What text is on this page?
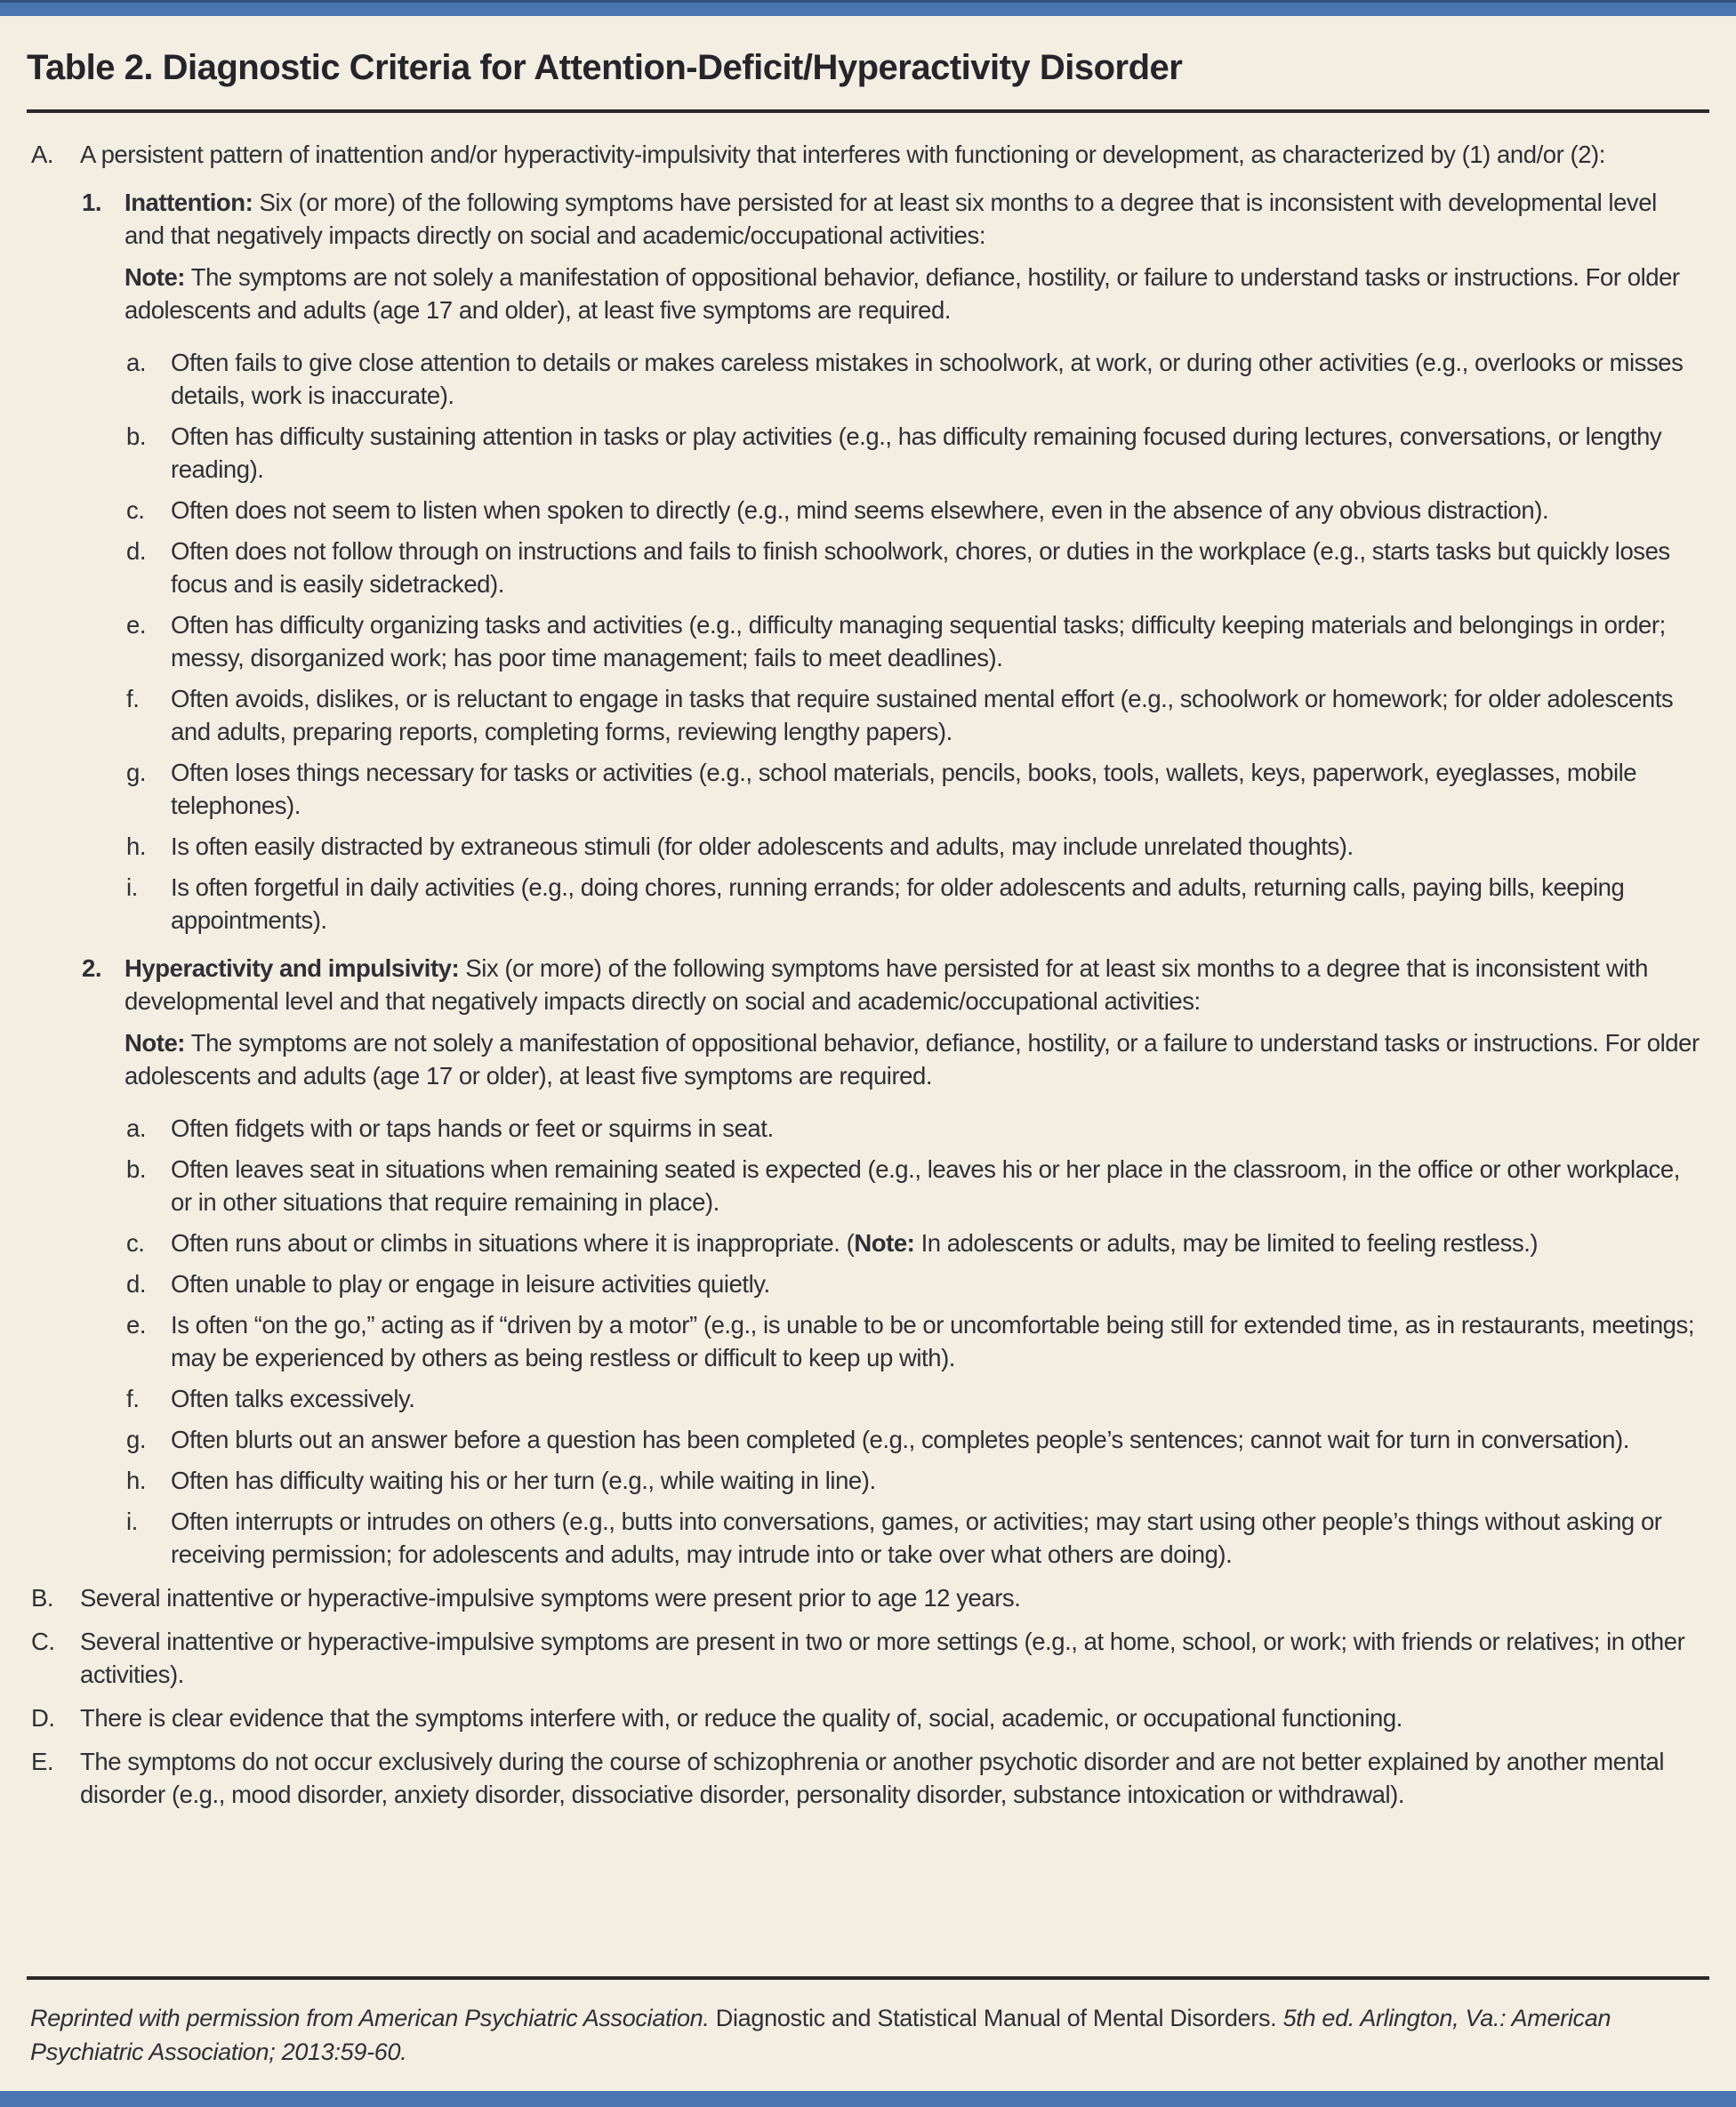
Table 2. Diagnostic Criteria for Attention-Deficit/Hyperactivity Disorder
A. A persistent pattern of inattention and/or hyperactivity-impulsivity that interferes with functioning or development, as characterized by (1) and/or (2):
1. Inattention: Six (or more) of the following symptoms have persisted for at least six months to a degree that is inconsistent with developmental level and that negatively impacts directly on social and academic/occupational activities:
Note: The symptoms are not solely a manifestation of oppositional behavior, defiance, hostility, or failure to understand tasks or instructions. For older adolescents and adults (age 17 and older), at least five symptoms are required.
a. Often fails to give close attention to details or makes careless mistakes in schoolwork, at work, or during other activities (e.g., overlooks or misses details, work is inaccurate).
b. Often has difficulty sustaining attention in tasks or play activities (e.g., has difficulty remaining focused during lectures, conversations, or lengthy reading).
c. Often does not seem to listen when spoken to directly (e.g., mind seems elsewhere, even in the absence of any obvious distraction).
d. Often does not follow through on instructions and fails to finish schoolwork, chores, or duties in the workplace (e.g., starts tasks but quickly loses focus and is easily sidetracked).
e. Often has difficulty organizing tasks and activities (e.g., difficulty managing sequential tasks; difficulty keeping materials and belongings in order; messy, disorganized work; has poor time management; fails to meet deadlines).
f. Often avoids, dislikes, or is reluctant to engage in tasks that require sustained mental effort (e.g., schoolwork or homework; for older adolescents and adults, preparing reports, completing forms, reviewing lengthy papers).
g. Often loses things necessary for tasks or activities (e.g., school materials, pencils, books, tools, wallets, keys, paperwork, eyeglasses, mobile telephones).
h. Is often easily distracted by extraneous stimuli (for older adolescents and adults, may include unrelated thoughts).
i. Is often forgetful in daily activities (e.g., doing chores, running errands; for older adolescents and adults, returning calls, paying bills, keeping appointments).
2. Hyperactivity and impulsivity: Six (or more) of the following symptoms have persisted for at least six months to a degree that is inconsistent with developmental level and that negatively impacts directly on social and academic/occupational activities:
Note: The symptoms are not solely a manifestation of oppositional behavior, defiance, hostility, or a failure to understand tasks or instructions. For older adolescents and adults (age 17 or older), at least five symptoms are required.
a. Often fidgets with or taps hands or feet or squirms in seat.
b. Often leaves seat in situations when remaining seated is expected (e.g., leaves his or her place in the classroom, in the office or other workplace, or in other situations that require remaining in place).
c. Often runs about or climbs in situations where it is inappropriate. (Note: In adolescents or adults, may be limited to feeling restless.)
d. Often unable to play or engage in leisure activities quietly.
e. Is often “on the go,” acting as if “driven by a motor” (e.g., is unable to be or uncomfortable being still for extended time, as in restaurants, meetings; may be experienced by others as being restless or difficult to keep up with).
f. Often talks excessively.
g. Often blurts out an answer before a question has been completed (e.g., completes people’s sentences; cannot wait for turn in conversation).
h. Often has difficulty waiting his or her turn (e.g., while waiting in line).
i. Often interrupts or intrudes on others (e.g., butts into conversations, games, or activities; may start using other people’s things without asking or receiving permission; for adolescents and adults, may intrude into or take over what others are doing).
B. Several inattentive or hyperactive-impulsive symptoms were present prior to age 12 years.
C. Several inattentive or hyperactive-impulsive symptoms are present in two or more settings (e.g., at home, school, or work; with friends or relatives; in other activities).
D. There is clear evidence that the symptoms interfere with, or reduce the quality of, social, academic, or occupational functioning.
E. The symptoms do not occur exclusively during the course of schizophrenia or another psychotic disorder and are not better explained by another mental disorder (e.g., mood disorder, anxiety disorder, dissociative disorder, personality disorder, substance intoxication or withdrawal).

Reprinted with permission from American Psychiatric Association. Diagnostic and Statistical Manual of Mental Disorders. 5th ed. Arlington, Va.: American Psychiatric Association; 2013:59-60.
